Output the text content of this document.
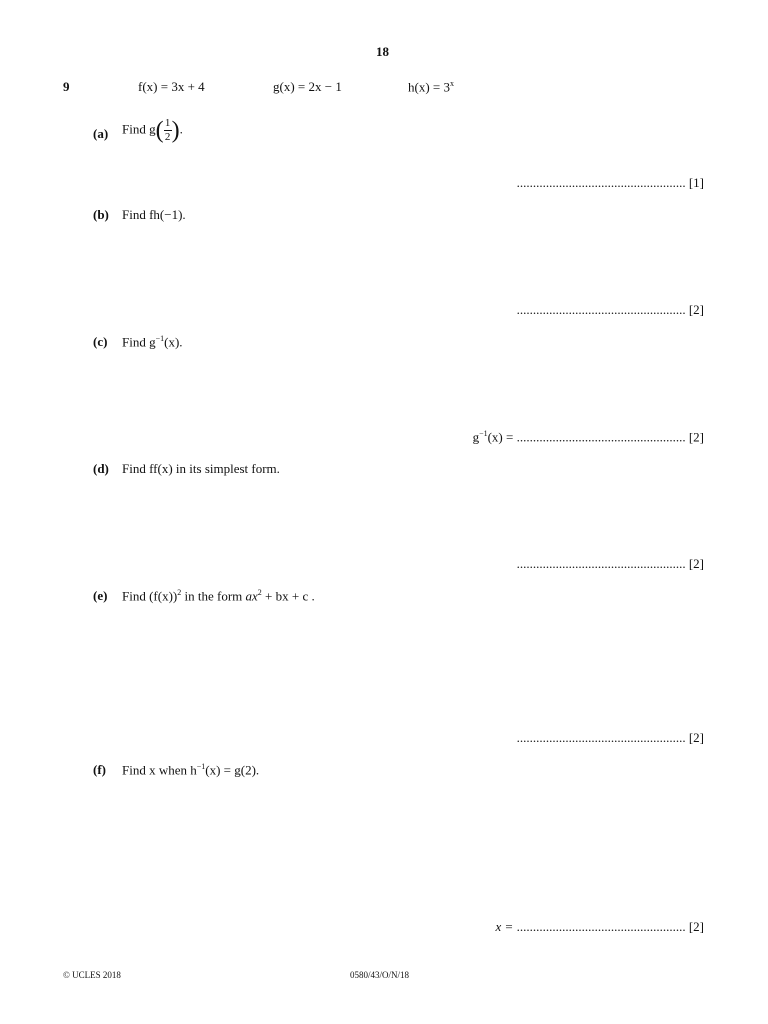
18
9	f(x) = 3x + 4	g(x) = 2x − 1	$h(x) = 3^x$
(a) Find $g( \frac{1}{2}$ ).
.................................................... [1]
(b) Find fh(−1).
.................................................... [2]
(c) Find $g^{-1}(x)$.
$g^{-1}(x)$ = .................................................... [2]
(d) Find ff(x) in its simplest form.
.................................................... [2]
(e) Find $(f(x))^2$ in the form $ax^2$ + bx + c .
.................................................... [2]
(f) Find x when $h^{-1}(x) = g(2)$.
x = .................................................... [2]
© UCLES 2018	0580/43/O/N/18
